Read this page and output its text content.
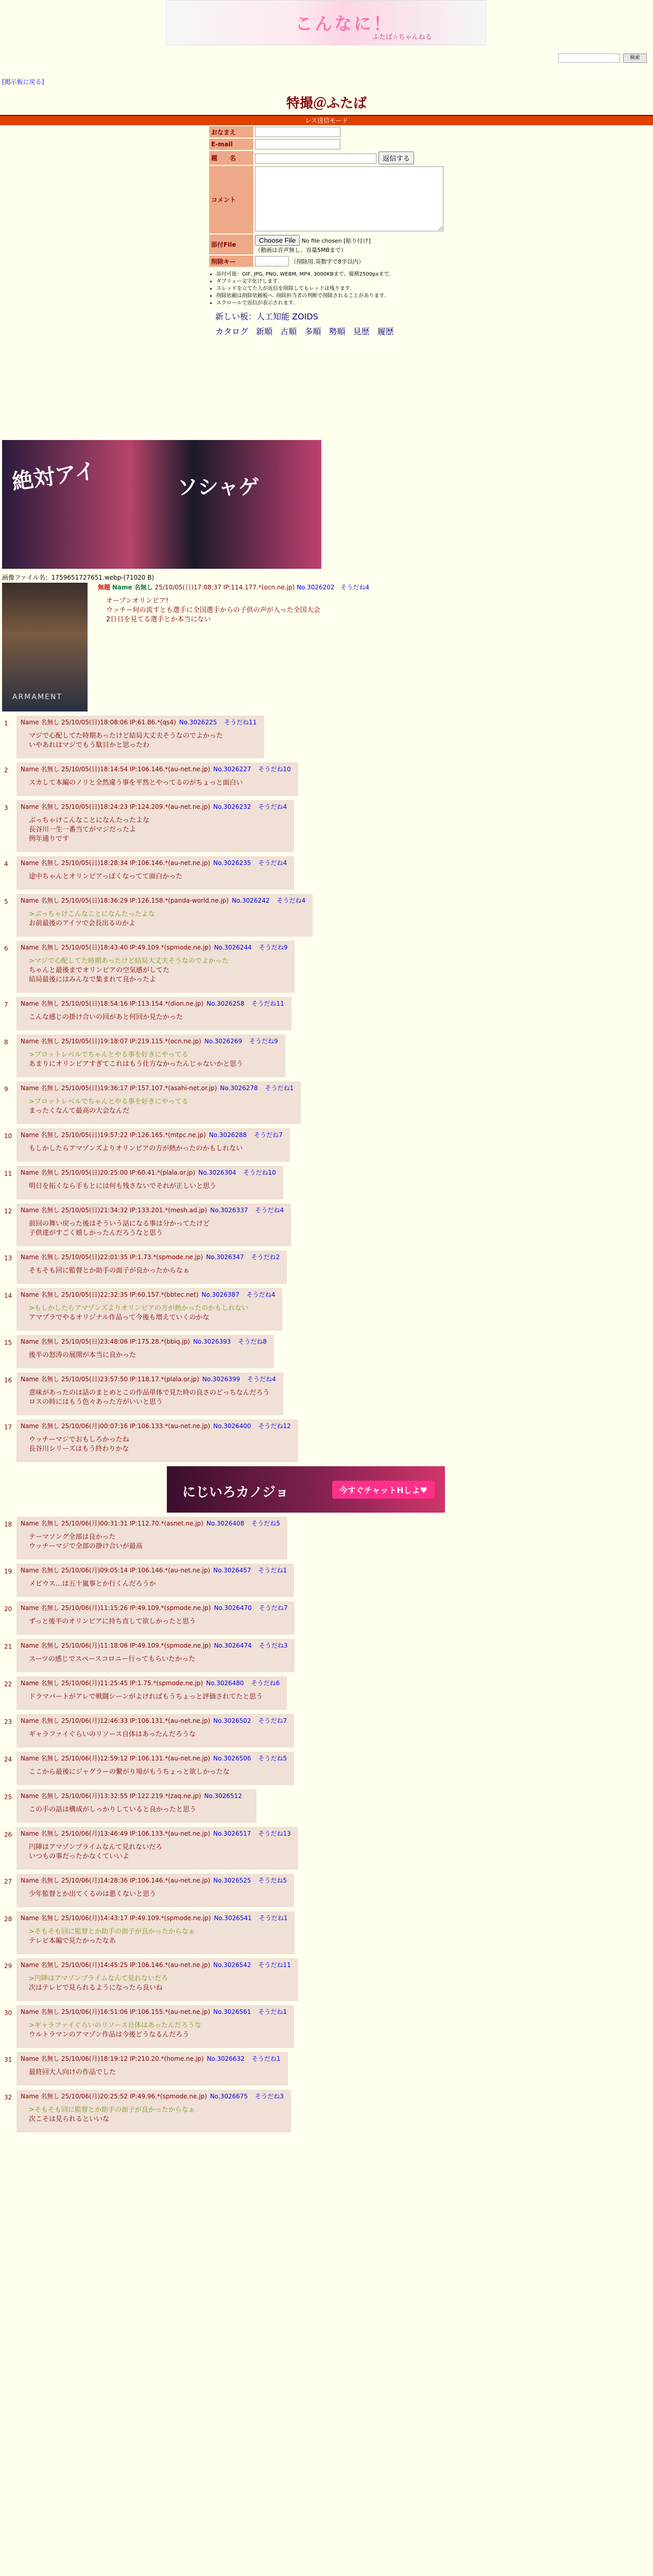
こんなに！
ふたば☆ちゃんねる
検索
[掲示板に戻る]
特撮＠ふたば
レス送信モード
おなまえ	
E-mail	
題　　名	返信する
コメント	
添付File	Choose File No file chosen [貼り付け]
（動画は音声無し、容量5MBまで）

削除キー	（削除用.英数字で8字以内）
• 添付可能：GIF, JPG, PNG, WEBM, MP4. 3000KBまで、縦横2500pxまで.
• ダブリュー文字化けします.
• スレッドを立てた人が返信を削除してもレッドは残ります.
• 削除依頼は削除依頼板へ. 削除担当者の判断で削除されることがあります.
• スクロールで返信が表示されます.
新しい板：人工知能 ZOIDS
カタログ 新順 古順 多順 勢順 見歴 履歴
絶対アイ	ソシャゲ
画像ファイル名：1759651727651.webp-(71020 B)
ARMAMENT
無題 Name 名無し 25/10/05(日)17:08:37 IP:114.177.*(ocn.ne.jp) No.3026202 そうだね4
オープンオリンピア!
ウッチー何の流すとも選手に全国選手からの子供の声が入った全国大会
2日目を見てる選手とか本当にない
1	Name 名無し 25/10/05(日)18:08:06 IP:61.86.*(qs4) No.3026225 そうだね11
マジで心配してた時期あったけど結局大丈夫そうなのでよかった
いやあれはマジでもう駄目かと思ったわ
2	Name 名無し 25/10/05(日)18:14:54 IP:106.146.*(au-net.ne.jp) No.3026227 そうだね10
スカして本編のノリと全然違う事を平然とやってるのがちょっと面白い
3	Name 名無し 25/10/05(日)18:24:23 IP:124.209.*(au-net.ne.jp) No.3026232 そうだね4
ぶっちゃけこんなことになんたったよな
長谷川一生一番当てがマジだったよ
例年通りです
4	Name 名無し 25/10/05(日)18:28:34 IP:106.146.*(au-net.ne.jp) No.3026235 そうだね4
途中ちゃんとオリンピアっぽくなってて面白かった
5	Name 名無し 25/10/05(日)18:36:29 IP:126.158.*(panda-world.ne.jp) No.3026242 そうだね4
>ぶっちゃけこんなことになんたったよな
お前最後のアイツで会長出るのかよ
6	Name 名無し 25/10/05(日)18:43:40 IP:49.109.*(spmode.ne.jp) No.3026244 そうだね9
>マジで心配してた時期あったけど結局大丈夫そうなのでよかった
ちゃんと最後までオリンピアの空気感がしてた
結局最後にはみんなで集まれて良かったよ
7	Name 名無し 25/10/05(日)18:54:16 IP:113.154.*(dion.ne.jp) No.3026258 そうだね11
こんな感じの掛け合いの回があと何回か見たかった
8	Name 名無し 25/10/05(日)19:18:07 IP:219.115.*(ocn.ne.jp) No.3026269 そうだね9
>ブロットレベルでちゃんとやる事を好きにやってる
あまりにオリンピアすぎてこれはもう仕方なかったんじゃないかと思う
9	Name 名無し 25/10/05(日)19:36:17 IP:157.107.*(asahi-net.or.jp) No.3026278 そうだね1
>ブロットレベルでちゃんとやる事を好きにやってる
まったくなんて最高の大会なんだ
10	Name 名無し 25/10/05(日)19:57:22 IP:126.165.*(mtpc.ne.jp) No.3026288 そうだね7
もしかしたらアマゾンズよりオリンピアの方が熱かったのかもしれない
11	Name 名無し 25/10/05(日)20:25:00 IP:60.41.*(plala.or.jp) No.3026304 そうだね10
明日を拓くなら手もとには何も残さないでそれが正しいと思う
12	Name 名無し 25/10/05(日)21:34:32 IP:133.201.*(mesh.ad.jp) No.3026337 そうだね4
前回の舞い戻った後はそういう話になる事は分かってたけど
子供達がすごく嬉しかったんだろうなと思う
13	Name 名無し 25/10/05(日)22:01:35 IP:1.73.*(spmode.ne.jp) No.3026347 そうだね2
そもそも回に監督とか助手の面子が良かったからなぁ
14	Name 名無し 25/10/05(日)22:32:35 IP:60.157.*(bbtec.net) No.3026387 そうだね4
>もしかしたらアマゾンズよりオリンピアの方が熱かったのかもしれない
アマプラでやるオリジナル作品って今後も増えていくのかな
15	Name 名無し 25/10/05(日)23:48:06 IP:175.28.*(bbiq.jp) No.3026393 そうだね8
後半の怒涛の展開が本当に良かった
16	Name 名無し 25/10/05(日)23:57:50 IP:118.17.*(plala.or.jp) No.3026399 そうだね4
意味があったのは話のまとめとこの作品単体で見た時の良さのどっちなんだろう
ロスの時にはもう色々あった方がいいと思う
17	Name 名無し 25/10/06(月)00:07:16 IP:106.133.*(au-net.ne.jp) No.3026400 そうだね12
ウッチーマジでおもしろかったね
長谷川シリーズはもう終わりかな
にじいろカノジョ	今すぐチャットHしよ♥
18	Name 名無し 25/10/06(月)00:31:31 IP:112.70.*(asnet.ne.jp) No.3026408 そうだね5
テーマソング全部は良かった
ウッチーマジで全部の掛け合いが最高
19	Name 名無し 25/10/06(月)09:05:14 IP:106.146.*(au-net.ne.jp) No.3026457 そうだね1
メビウス…は五十嵐事とか行くんだろうか
20	Name 名無し 25/10/06(月)11:15:26 IP:49.109.*(spmode.ne.jp) No.3026470 そうだね7
ずっと後半のオリンピアに持ち直して欲しかったと思う
21	Name 名無し 25/10/06(月)11:18:06 IP:49.109.*(spmode.ne.jp) No.3026474 そうだね3
スーツの感じでスペースコロニー行ってもらいたかった
22	Name 名無し 25/10/06(月)11:25:45 IP:1.75.*(spmode.ne.jp) No.3026480 そうだね6
ドラマパートがアレで戦闘シーンがよければもうちょっと評価されてたと思う
23	Name 名無し 25/10/06(月)12:46:33 IP:106.131.*(au-net.ne.jp) No.3026502 そうだね7
ギャラファイぐらいのリソース自体はあったんだろうな
24	Name 名無し 25/10/06(月)12:59:12 IP:106.131.*(au-net.ne.jp) No.3026506 そうだね5
ここから最後にジャグラーの繋がり場がもうちょっと欲しかったな
25	Name 名無し 25/10/06(月)13:32:55 IP:122.219.*(zaq.ne.jp) No.3026512
この手の話は構成がしっかりしていると良かったと思う
26	Name 名無し 25/10/06(月)13:46:49 IP:106.133.*(au-net.ne.jp) No.3026517 そうだね13
円陣はアマゾンプライムなんて見れないだろ
いつもの事だったかなくていいよ
27	Name 名無し 25/10/06(月)14:28:36 IP:106.146.*(au-net.ne.jp) No.3026525 そうだね5
少年監督とか出てくるのは悪くないと思う
28	Name 名無し 25/10/06(月)14:43:17 IP:49.109.*(spmode.ne.jp) No.3026541 そうだね1
>そもそも回に監督とか助手の面子が良かったからなぁ
テレビ本編で見たかったなあ
29	Name 名無し 25/10/06(月)14:45:25 IP:106.146.*(au-net.ne.jp) No.3026542 そうだね11
>円陣はアマゾンプライムなんて見れないだろ
次はテレビで見られるようになったら良いね
30	Name 名無し 25/10/06(月)16:51:06 IP:106.155.*(au-net.ne.jp) No.3026561 そうだね1
>ギャラファイぐらいのリソース自体はあったんだろうな
ウルトラマンのアマゾン作品は今後どうなるんだろう
31	Name 名無し 25/10/06(月)18:19:12 IP:210.20.*(home.ne.jp) No.3026632 そうだね1
最終回大人向けの作品でした
32	Name 名無し 25/10/06(月)20:25:52 IP:49.96.*(spmode.ne.jp) No.3026675 そうだね3
>そもそも回に監督とか助手の面子が良かったからなぁ
次こそは見られるといいな
